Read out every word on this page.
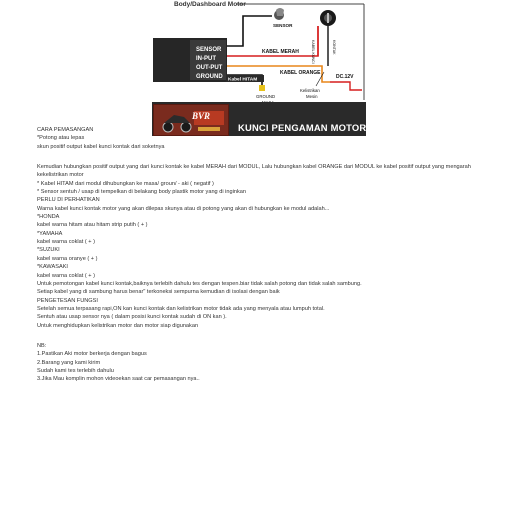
Body/Dashboard Motor
SENSOR
IN-PUT
OUT-PUT
GROUND
SENSOR
KABEL MERAH
KABEL ORANGE
Kabel HITAM
GROUND
KABEL KUNCI	KONTAK
DC.12V
Kelistrikan
Mesin
BVR
KUNCI PENGAMAN MOTOR
CARA PEMASANGAN
*Potong atau lepas
skun positif output kabel kunci kontak dari soketnya
Kemudian hubungkan positif output yang dari kunci kontak ke kabel MERAH dari MODUL, Lalu hubungkan kabel ORANGE dari MODUL ke kabel positif output yang mengarah kekelistrikan motor
* Kabel HITAM dari modul dihubungkan ke masa/ groun/ - aki ( negatif )
* Sensor sentuh / usap di tempelkan di belakang body plastik motor yang di inginkan
PERLU DI PERHATIKAN
Warna kabel kunci kontak motor yang akan dilepas skunya atau di potong yang akan di hubungkan ke modul adalah...
*HONDA
kabel warna hitam atau hitam strip putih ( + )
*YAMAHA
kabel warna coklat ( + )
*SUZUKI
kabel warna oranye ( + )
*KAWASAKI
kabel warna coklat ( + )
Untuk pemotongan kabel kunci kontak,baiknya terlebih dahulu tes dengan tespen.biar tidak salah potong dan tidak salah sambung.
Setiap kabel yang di sambung harus benar" terkoneksi sempurna kemudian di isolasi dengan baik
PENGETESAN FUNGSI
Setelah semua terpasang rapi,ON kan kunci kontak dan kelistrikan motor tidak ada yang menyala atau lumpuh total.
Sentuh atau usap sensor nya ( dalam posisi kunci kontak sudah di ON kan ).
Untuk menghidupkan kelistrikan motor dan motor siap digunakan
NB:
1.Pastikan Aki motor berkerja dengan bagus
2.Barang yang kami kirim
Sudah kami tes terlebih dahulu
3.Jika Mau komplin mohon videoekan saat car pemasangan nya..
